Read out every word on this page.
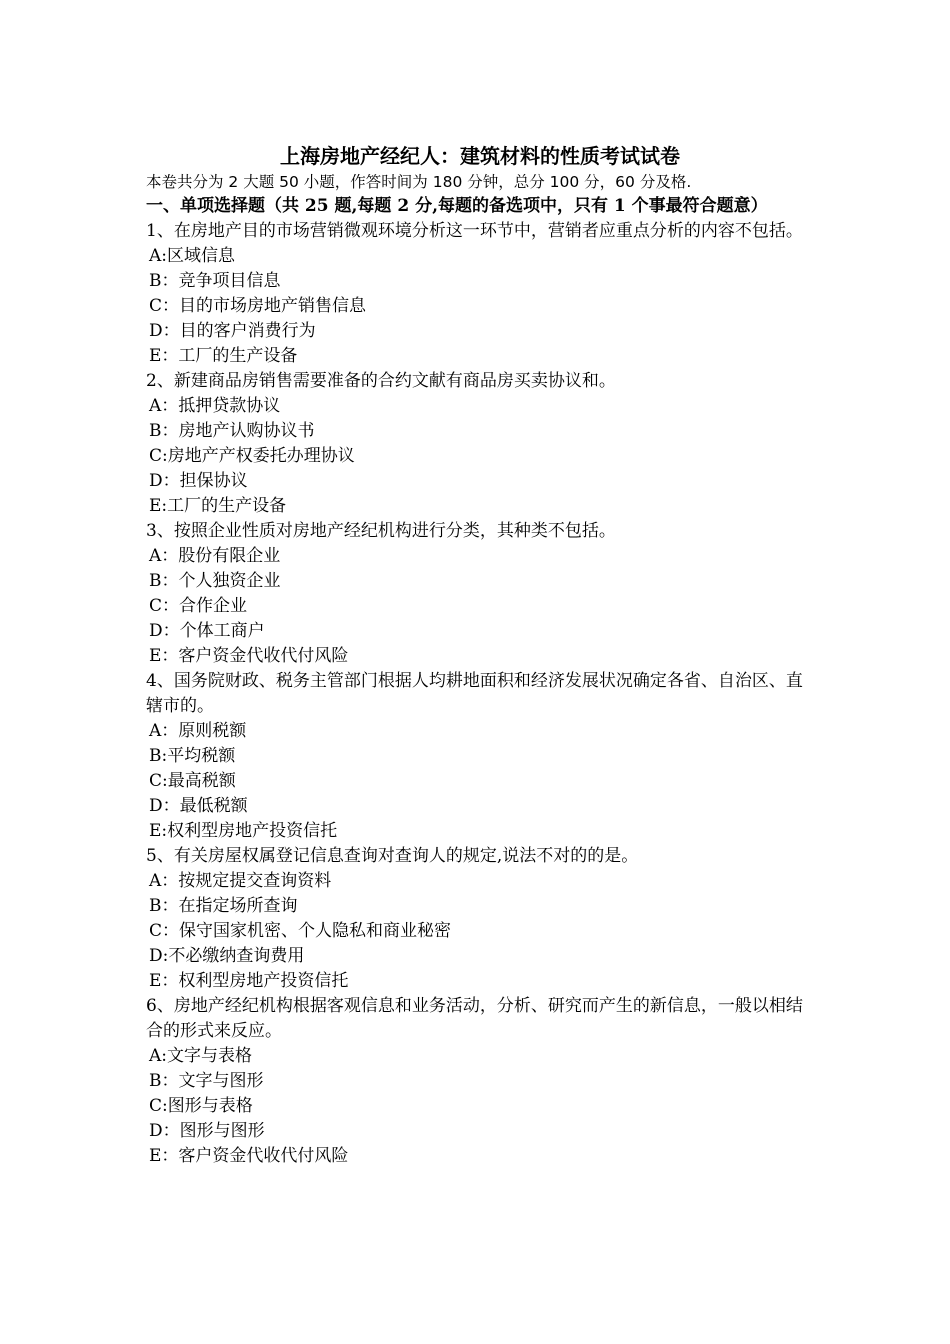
上海房地产经纪人：建筑材料的性质考试试卷

本卷共分为 2 大题 50 小题，作答时间为 180 分钟，总分 100 分，60 分及格.

一、单项选择题（共 25 题,每题 2 分,每题的备选项中，只有 1 个事最符合题意）

1、在房地产目的市场营销微观环境分析这一环节中，营销者应重点分析的内容不包括。

A:区域信息

B：竞争项目信息

C：目的市场房地产销售信息

D：目的客户消费行为

E：工厂的生产设备

2、新建商品房销售需要准备的合约文献有商品房买卖协议和。

A：抵押贷款协议

B：房地产认购协议书

C:房地产产权委托办理协议

D：担保协议

E:工厂的生产设备

3、按照企业性质对房地产经纪机构进行分类，其种类不包括。

A：股份有限企业

B：个人独资企业

C：合作企业

D：个体工商户

E：客户资金代收代付风险

4、国务院财政、税务主管部门根据人均耕地面积和经济发展状况确定各省、自治区、直辖市的。

A：原则税额

B:平均税额

C:最高税额

D：最低税额

E:权利型房地产投资信托

5、有关房屋权属登记信息查询对查询人的规定,说法不对的的是。

A：按规定提交查询资料

B：在指定场所查询

C：保守国家机密、个人隐私和商业秘密

D:不必缴纳查询费用

E：权利型房地产投资信托

6、房地产经纪机构根据客观信息和业务活动，分析、研究而产生的新信息，一般以相结合的形式来反应。

A:文字与表格

B：文字与图形

C:图形与表格

D：图形与图形

E：客户资金代收代付风险
